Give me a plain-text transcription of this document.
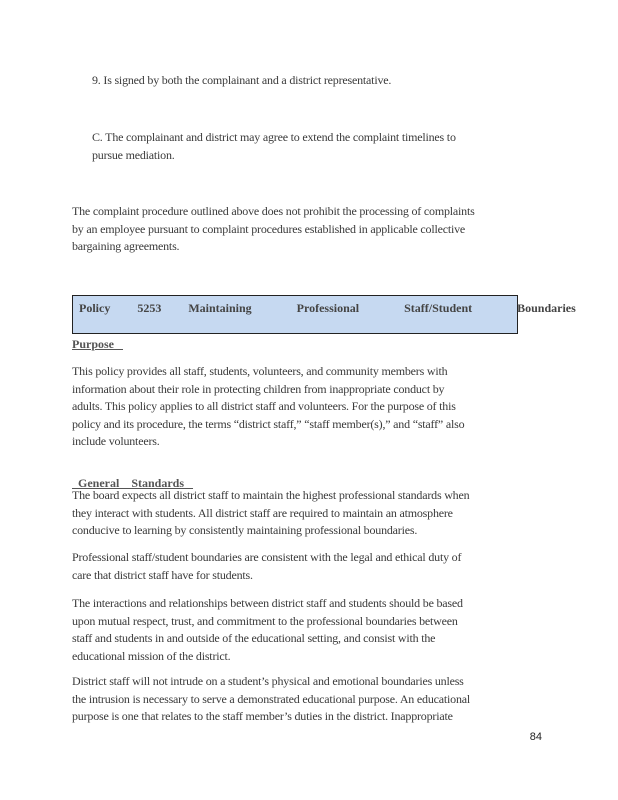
9. Is signed by both the complainant and a district representative.
C. The complainant and district may agree to extend the complaint timelines to
pursue mediation.
The complaint procedure outlined above does not prohibit the processing of complaints
by an employee pursuant to complaint procedures established in applicable collective
bargaining agreements.
Policy   5253   Maintaining     Professional     Staff/Student     Boundaries
Purpose
This policy provides all staff, students, volunteers, and community members with
information about their role in protecting children from inappropriate conduct by
adults. This policy applies to all district staff and volunteers. For the purpose of this
policy and its procedure, the terms “district staff,” “staff member(s),” and “staff” also
include volunteers.

General    Standards

The board expects all district staff to maintain the highest professional standards when
they interact with students. All district staff are required to maintain an atmosphere
conducive to learning by consistently maintaining professional boundaries.
Professional staff/student boundaries are consistent with the legal and ethical duty of
care that district staff have for students.
The interactions and relationships between district staff and students should be based
upon mutual respect, trust, and commitment to the professional boundaries between
staff and students in and outside of the educational setting, and consist with the
educational mission of the district.
District staff will not intrude on a student’s physical and emotional boundaries unless
the intrusion is necessary to serve a demonstrated educational purpose. An educational
purpose is one that relates to the staff member’s duties in the district. Inappropriate
84
